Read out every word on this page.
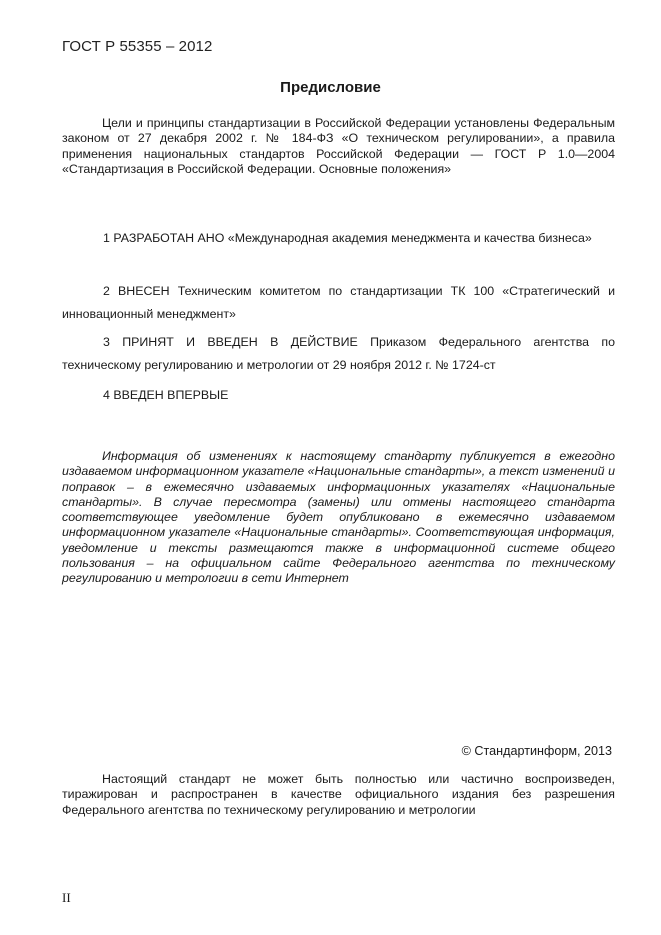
ГОСТ Р 55355 – 2012
Предисловие
Цели и принципы стандартизации в Российской Федерации установлены Федеральным законом от 27 декабря 2002 г. № 184-ФЗ «О техническом регулировании», а правила применения национальных стандартов Российской Федерации — ГОСТ Р 1.0—2004 «Стандартизация в Российской Федерации. Основные положения»
1 РАЗРАБОТАН АНО «Международная академия менеджмента и качества бизнеса»
2 ВНЕСЕН Техническим комитетом по стандартизации ТК 100 «Стратегический и инновационный менеджмент»
3 ПРИНЯТ И ВВЕДЕН В ДЕЙСТВИЕ Приказом Федерального агентства по техническому регулированию и метрологии от 29 ноября 2012 г. № 1724-ст
4 ВВЕДЕН ВПЕРВЫЕ
Информация об изменениях к настоящему стандарту публикуется в ежегодно издаваемом информационном указателе «Национальные стандарты», а текст изменений и поправок – в ежемесячно издаваемых информационных указателях «Национальные стандарты». В случае пересмотра (замены) или отмены настоящего стандарта соответствующее уведомление будет опубликовано в ежемесячно издаваемом информационном указателе «Национальные стандарты». Соответствующая информация, уведомление и тексты размещаются также в информационной системе общего пользования – на официальном сайте Федерального агентства по техническому регулированию и метрологии в сети Интернет
© Стандартинформ, 2013
Настоящий стандарт не может быть полностью или частично воспроизведен, тиражирован и распространен в качестве официального издания без разрешения Федерального агентства по техническому регулированию и метрологии
II
